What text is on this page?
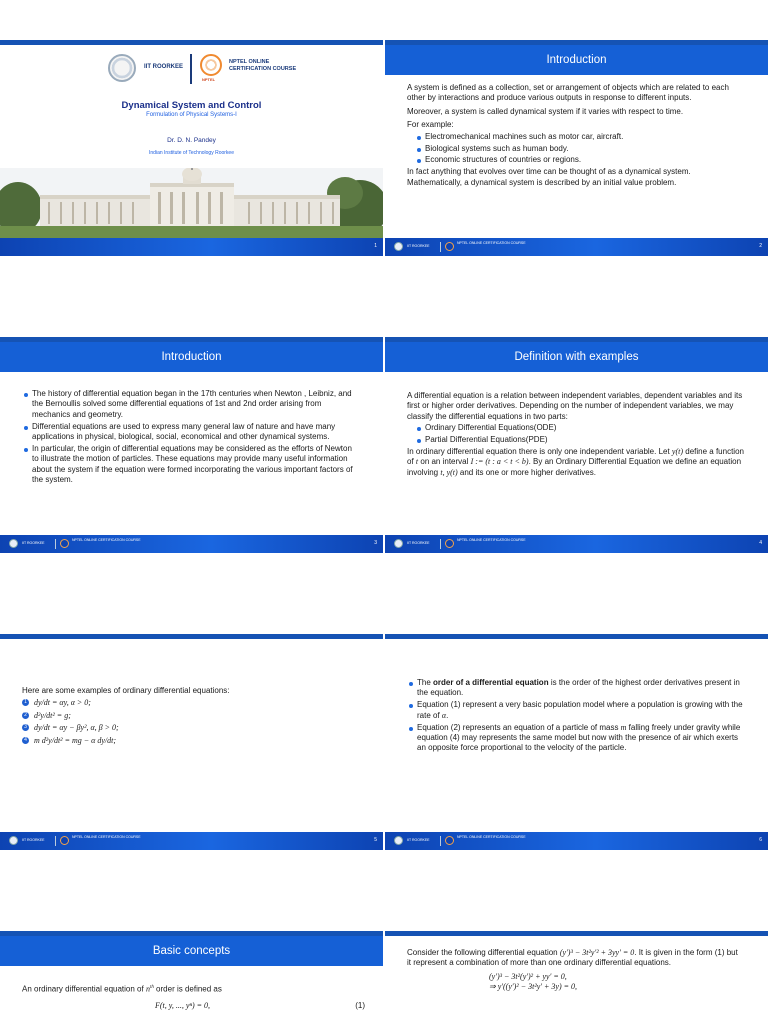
IIT ROORKEE
NPTEL
NPTEL ONLINE
CERTIFICATION COURSE
Dynamical System and Control
Formulation of Physical Systems-I
Dr. D. N. Pandey
Indian Institute of Technology Roorkee
1
Introduction

A system is defined as a collection, set or arrangement of objects which are related to each other by interactions and produce various outputs in response to different inputs.

Moreover, a system is called dynamical system if it varies with respect to time.

For example:

Electromechanical machines such as motor car, aircraft.
Biological systems such as human body.
Economic structures of countries or regions.

In fact anything that evolves over time can be thought of as a dynamical system. Mathematically, a dynamical system is described by an initial value problem.

IIT ROORKEE
NPTEL ONLINE CERTIFICATION COURSE	2
Introduction
The history of differential equation began in the 17th centuries when Newton , Leibniz, and the Bernoullis solved some differential equations of 1st and 2nd order arising from mechanics and geometry.
Differential equations are used to express many general law of nature and have many applications in physical, biological, social, economical and other dynamical systems.
In particular, the origin of differential equations may be considered as the efforts of Newton to illustrate the motion of particles. These equations may provide many useful information about the system if the equation were formed incorporating the various important factors of the system.
IIT ROORKEE
NPTEL ONLINE CERTIFICATION COURSE	3
Definition with examples

A differential equation is a relation between independent variables, dependent variables and its first or higher order derivatives. Depending on the number of independent variables, we may classify the differential equations in two parts:

Ordinary Differential Equations(ODE)
Partial Differential Equations(PDE)

In ordinary differential equation there is only one independent variable. Let y(t) define a function of t on an interval I := (t : a < t < b). By an Ordinary Differential Equation we define an equation involving t, y(t) and its one or more higher derivatives.

IIT ROORKEE
NPTEL ONLINE CERTIFICATION COURSE	4

Here are some examples of ordinary differential equations:

1 dy/dt = αy, α > 0;
2 d²y/dt² = g;
3 dy/dt = αy − βy², α, β > 0;
4 m d²y/dt² = mg − α dy/dt;
IIT ROORKEE
NPTEL ONLINE CERTIFICATION COURSE	5
The order of a differential equation is the order of the highest order derivatives present in the equation.
Equation (1) represent a very basic population model where a population is growing with the rate of α.
Equation (2) represents an equation of a particle of mass m falling freely under gravity while equation (4) may represents the same model but now with the presence of air which exerts an opposite force proportional to the velocity of the particle.
IIT ROORKEE
NPTEL ONLINE CERTIFICATION COURSE	6
Basic concepts

An ordinary differential equation of $n^{th}$ order is defined as

F(t, y, ..., yⁿ) = 0,	(1)

Consider the following differential equation (y′)³ − 3t²y′² + 3yy′ = 0. It is given in the form (1) but it represent a combination of more than one ordinary differential equations.

(y′)³ − 3t²(y′)² + yy′ = 0,
⇒ y′((y′)² − 3t²y′ + 3y) = 0,
